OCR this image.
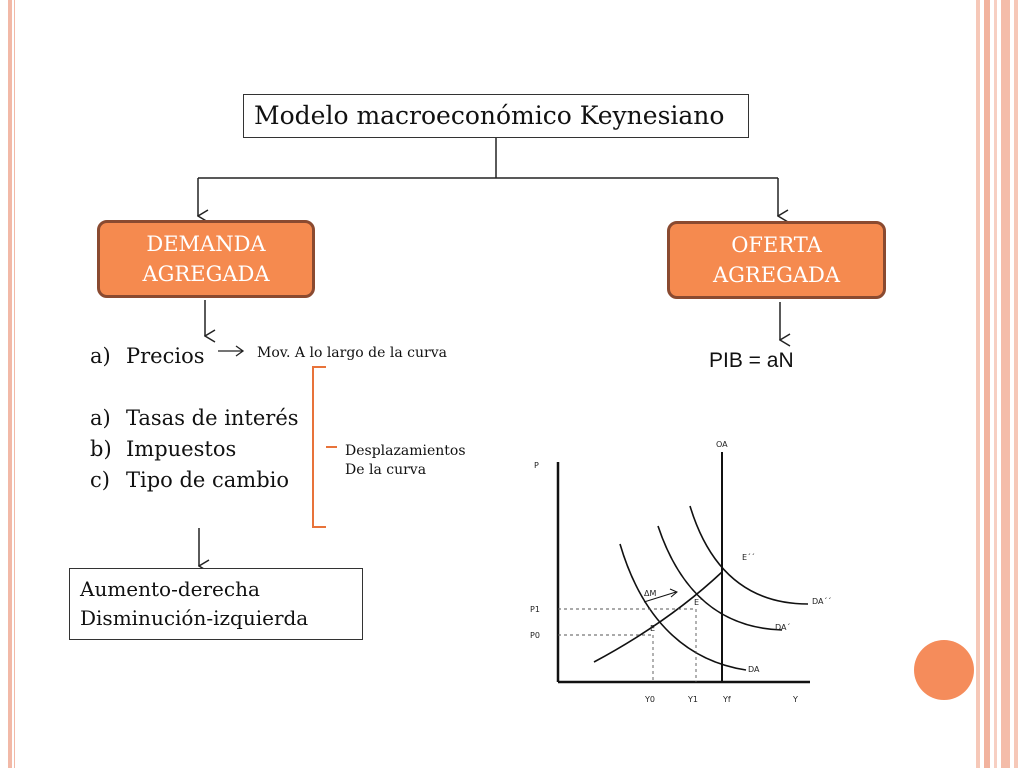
Modelo macroeconómico Keynesiano
DEMANDA
AGREGADA
OFERTA
AGREGADA
a) Precios
a) Tasas de interés
b) Impuestos
c) Tipo de cambio
Mov. A lo largo de la curva
Desplazamientos
De la curva
PIB = aN
Aumento-derecha
Disminución-izquierda
P
Y
OA
DA
DA´
DA´´
E
E´
E´´
ΔM
P1
P0
Y0	Y1	Yf
